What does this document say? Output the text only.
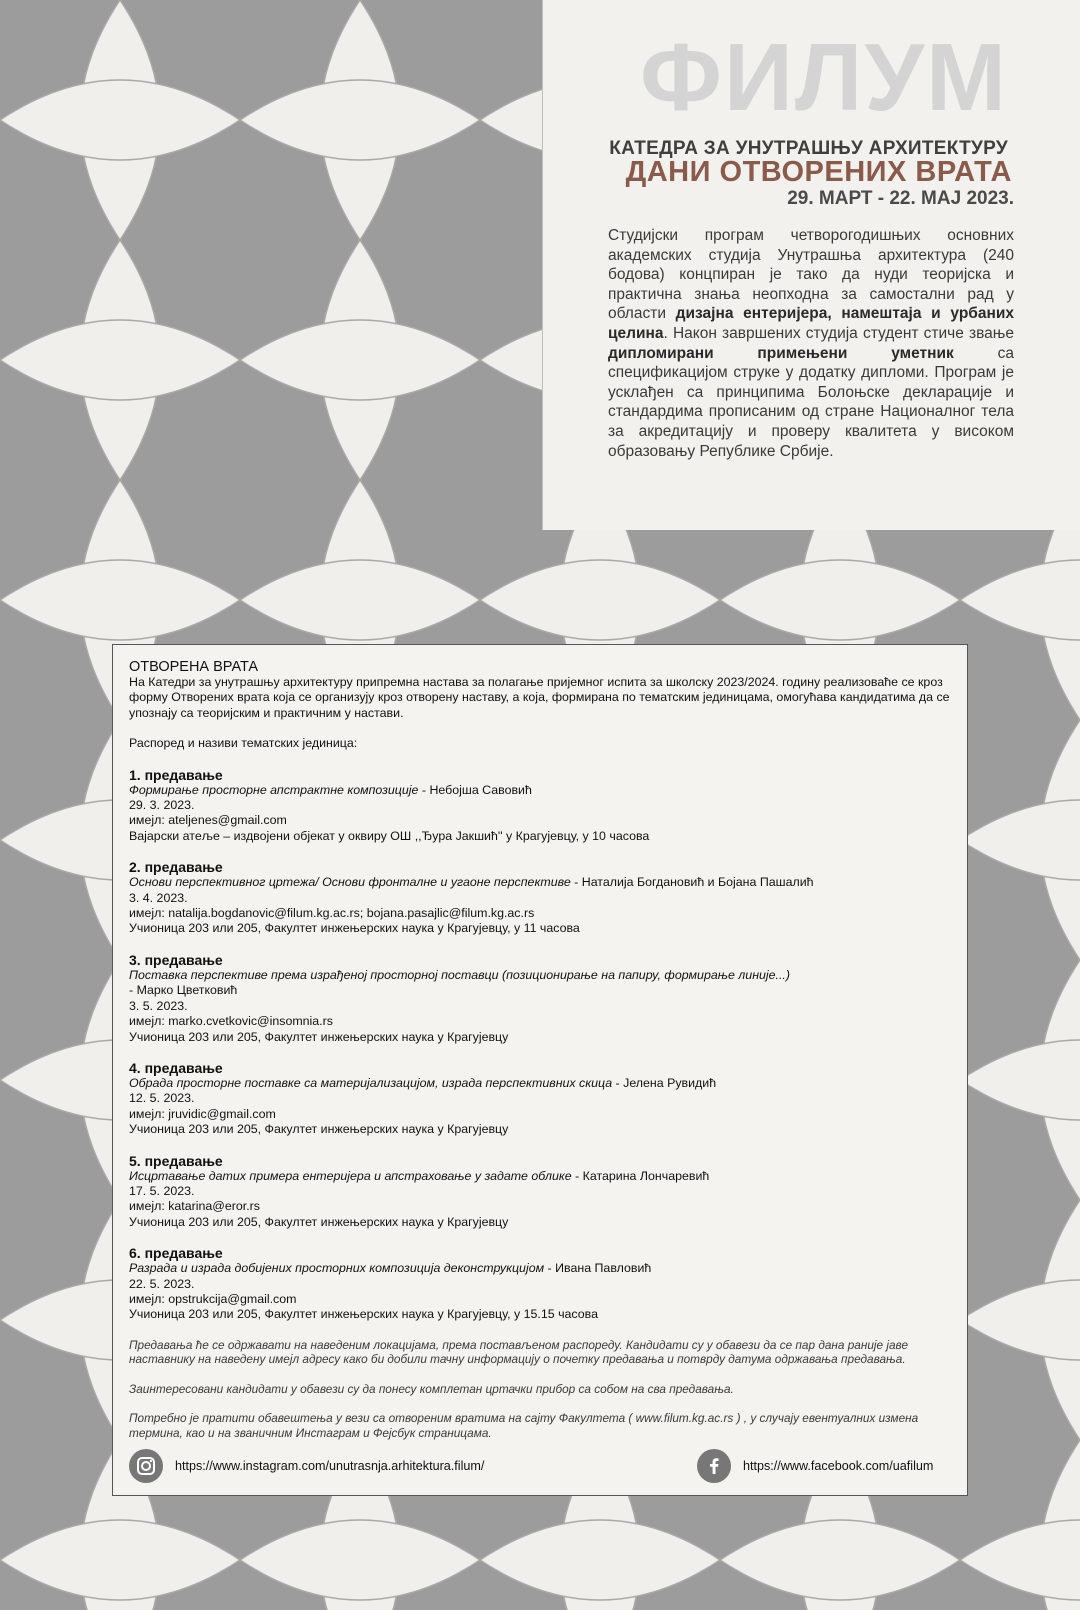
ФИЛУМ
КАТЕДРА ЗА УНУТРАШЊУ АРХИТЕКТУРУ
ДАНИ ОТВОРЕНИХ ВРАТА
29. МАРТ - 22. МАЈ 2023.
Студијски програм четворогодишњих основних академских студија Унутрашња архитектура (240 бодова) концпиран је тако да нуди теоријска и практична знања неопходна за самостални рад у области дизајна ентеријера, намештаја и урбаних целина. Након завршених студија студент стиче звање дипломирани примењени уметник са спецификацијом струке у додатку дипломи. Програм је усклађен са принципима Болоњске декларације и стандардима прописаним од стране Националног тела за акредитацију и проверу квалитета у високом образовању Републике Србије.
ОТВОРЕНА ВРАТА

На Катедри за унутрашњу архитектуру припремна настава за полагање пријемног испита за школску 2023/2024. годину реализоваће се кроз форму Отворених врата која се организују кроз отворену наставу, а која, формирана по тематским јединицама, омогућава кандидатима да се упознају са теоријским и практичним у настави.

Распоред и називи тематских јединица:

1. предавање

Формирање просторне апстрактне композиције - Небојша Савовић

29. 3. 2023.

имејл: ateljenes@gmail.com

Вајарски атеље – издвојени објекат у оквиру ОШ ,,Ђура Јакшић'' у Крагујевцу, у 10 часова

2. предавање

Основи перспективног цртежа/ Основи фронталне и угаоне перспективе - Наталија Богдановић и Бојана Пашалић

3. 4. 2023.

имејл: natalija.bogdanovic@filum.kg.ac.rs; bojana.pasajlic@filum.kg.ac.rs

Учионица 203 или 205, Факултет инжењерских наука у Крагујевцу, у 11 часова

3. предавање

Поставка перспективе према израђеној просторној поставци (позиционирање на папиру, формирање линије...)

- Марко Цветковић

3. 5. 2023.

имејл: marko.cvetkovic@insomnia.rs

Учионица 203 или 205, Факултет инжењерских наука у Крагујевцу

4. предавање

Обрада просторне поставке са материјализацијом, израда перспективних скица - Јелена Рувидић

12. 5. 2023.

имејл: jruvidic@gmail.com

Учионица 203 или 205, Факултет инжењерских наука у Крагујевцу

5. предавање

Исцртавање датих примера ентеријера и апстраховање у задате облике - Катарина Лончаревић

17. 5. 2023.

имејл: katarina@eror.rs

Учионица 203 или 205, Факултет инжењерских наука у Крагујевцу

6. предавање

Разрада и израда добијених просторних композиција деконструкцијом - Ивана Павловић

22. 5. 2023.

имејл: opstrukcija@gmail.com

Учионица 203 или 205, Факултет инжењерских наука у Крагујевцу, у 15.15 часова

Предавања ће се одржавати на наведеним локацијама, према постављеном распореду. Кандидати су у обавези да се пар дана раније јаве наставнику на наведену имејл адресу како би добили тачну информацију о почетку предавања и потврду датума одржавања предавања.

Заинтересовани кандидати у обавези су да понесу комплетан цртачки прибор са собом на сва предавања.

Потребно је пратити обавештења у вези са отвореним вратима на сајту Факултета ( www.filum.kg.ac.rs ) , у случају евентуалних измена термина, као и на званичним Инстаграм и Фејсбук страницама.

https://www.instagram.com/unutrasnja.arhitektura.filum/	https://www.facebook.com/uafilum
